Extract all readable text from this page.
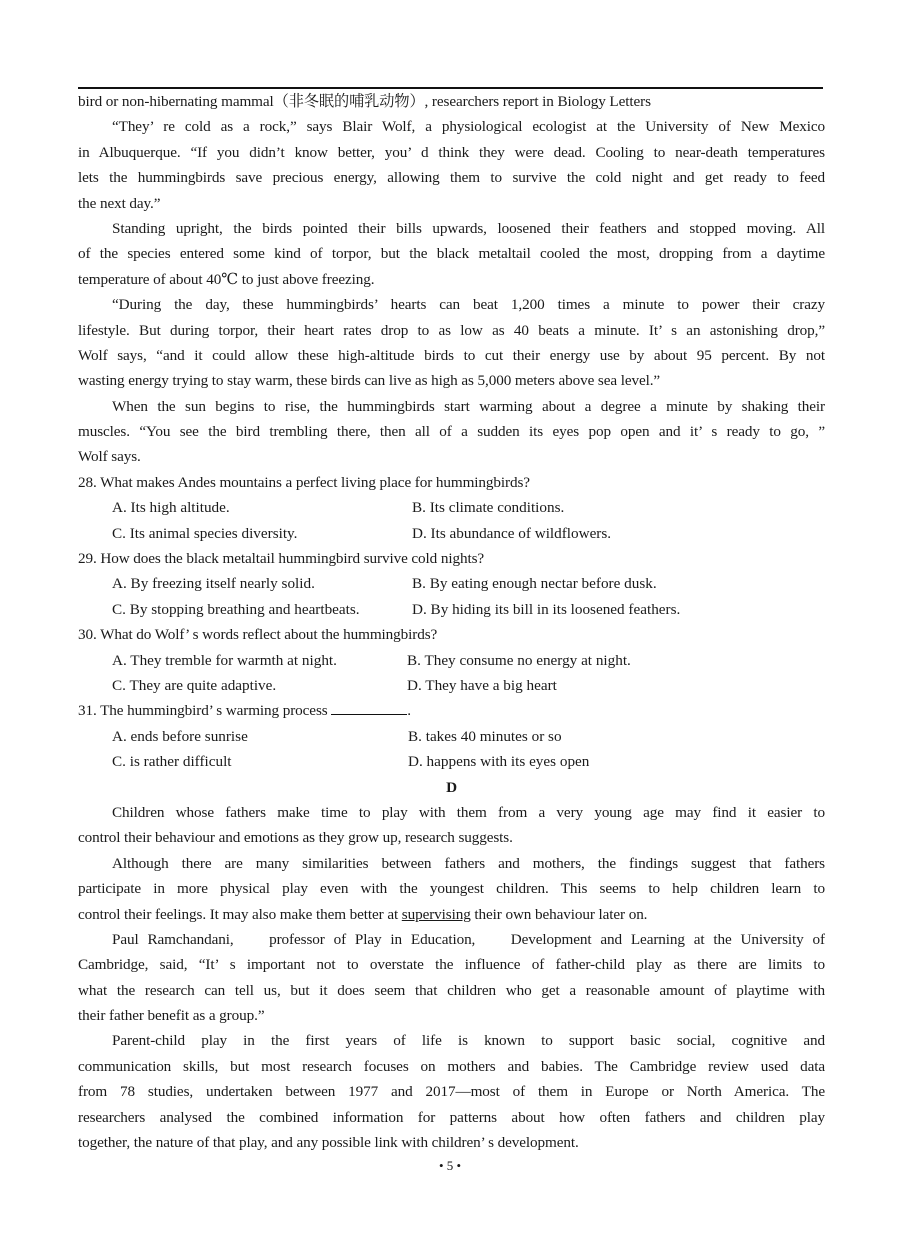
bird or non-hibernating mammal（非冬眠的哺乳动物）, researchers report in Biology Letters
“They’ re cold as a rock,” says Blair Wolf, a physiological ecologist at the University of New Mexico
in Albuquerque. “If you didn’t know better, you’ d think they were dead. Cooling to near-death temperatures
lets the hummingbirds save precious energy, allowing them to survive the cold night and get ready to feed
the next day.”
Standing upright, the birds pointed their bills upwards, loosened their feathers and stopped moving. All
of the species entered some kind of torpor, but the black metaltail cooled the most, dropping from a daytime
temperature of about 40℃ to just above freezing.
“During the day, these hummingbirds’ hearts can beat 1,200 times a minute to power their crazy
lifestyle. But during torpor, their heart rates drop to as low as 40 beats a minute. It’ s an astonishing drop,”
Wolf says, “and it could allow these high-altitude birds to cut their energy use by about 95 percent. By not
wasting energy trying to stay warm, these birds can live as high as 5,000 meters above sea level.”
When the sun begins to rise, the hummingbirds start warming about a degree a minute by shaking their
muscles. “You see the bird trembling there, then all of a sudden its eyes pop open and it’ s ready to go, ”
Wolf says.
28. What makes Andes mountains a perfect living place for hummingbirds?
A. Its high altitude.	B. Its climate conditions.
C. Its animal species diversity.	D. Its abundance of wildflowers.
29. How does the black metaltail hummingbird survive cold nights?
A. By freezing itself nearly solid.	B. By eating enough nectar before dusk.
C. By stopping breathing and heartbeats.	D. By hiding its bill in its loosened feathers.
30. What do Wolf’ s words reflect about the hummingbirds?
A. They tremble for warmth at night.	B. They consume no energy at night.
C. They are quite adaptive.	D. They have a big heart
31. The hummingbird’ s warming process	.
A. ends before sunrise	B. takes 40 minutes or so
C. is rather difficult	D. happens with its eyes open
D
Children whose fathers make time to play with them from a very young age may find it easier to
control their behaviour and emotions as they grow up, research suggests.
Although there are many similarities between fathers and mothers, the findings suggest that fathers
participate in more physical play even with the youngest children. This seems to help children learn to
control their feelings. It may also make them better at supervising their own behaviour later on.
Paul Ramchandani,    professor of Play in Education,    Development and Learning at the University of
Cambridge, said, “It’ s important not to overstate the influence of father-child play as there are limits to
what the research can tell us, but it does seem that children who get a reasonable amount of playtime with
their father benefit as a group.”
Parent-child play in the first years of life is known to support basic social, cognitive and
communication skills, but most research focuses on mothers and babies. The Cambridge review used data
from 78 studies, undertaken between 1977 and 2017—most of them in Europe or North America. The
researchers analysed the combined information for patterns about how often fathers and children play
together, the nature of that play, and any possible link with children’ s development.
• 5 •
